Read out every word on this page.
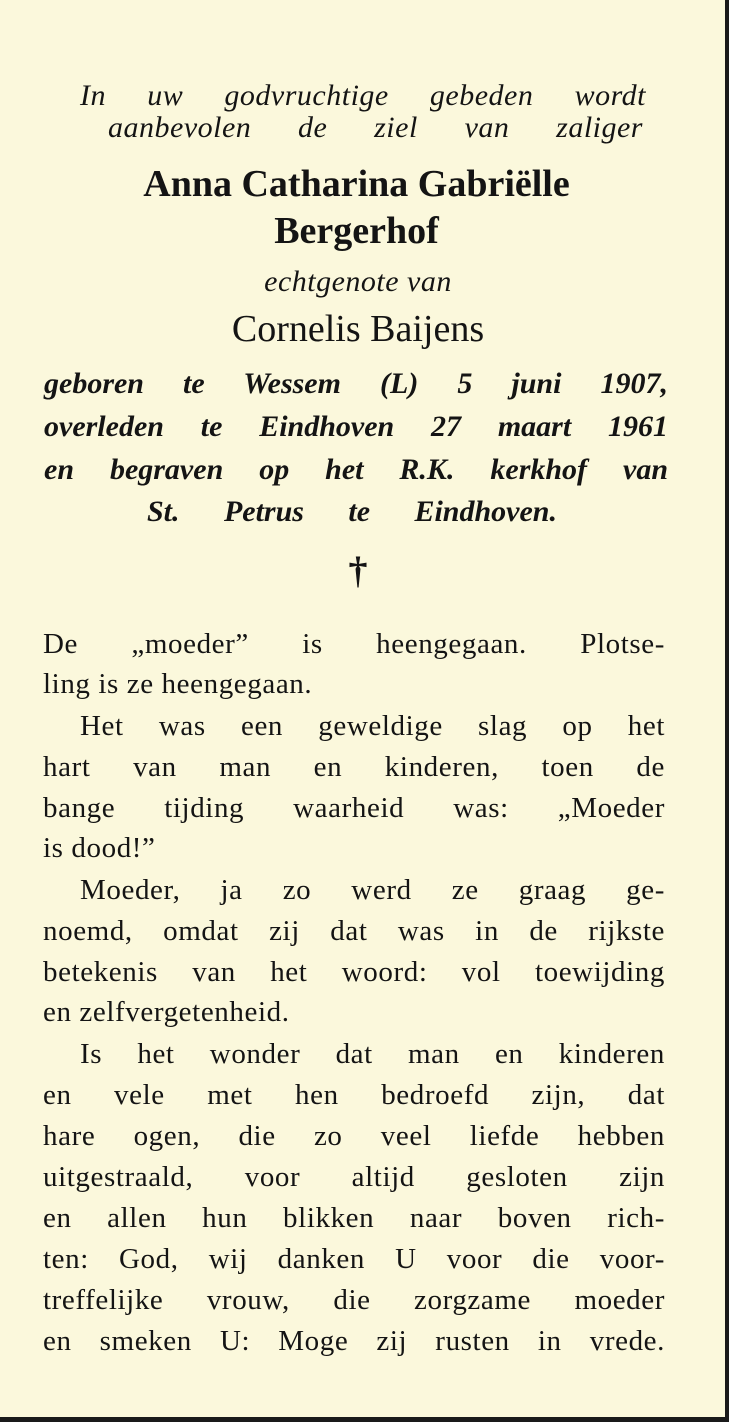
In uw godvruchtige gebeden wordt
aanbevolen de ziel van zaliger
Anna Catharina Gabriëlle
Bergerhof
echtgenote van
Cornelis Baijens
geboren te Wessem (L) 5 juni 1907,
overleden te Eindhoven 27 maart 1961
en begraven op het R.K. kerkhof van
St. Petrus te Eindhoven.
†
De „moeder” is heengegaan. Plotse-
ling is ze heengegaan.
Het was een geweldige slag op het
hart van man en kinderen, toen de
bange tijding waarheid was: „Moeder
is dood!”
Moeder, ja zo werd ze graag ge-
noemd, omdat zij dat was in de rijkste
betekenis van het woord: vol toewijding
en zelfvergetenheid.
Is het wonder dat man en kinderen
en vele met hen bedroefd zijn, dat
hare ogen, die zo veel liefde hebben
uitgestraald, voor altijd gesloten zijn
en allen hun blikken naar boven rich-
ten: God, wij danken U voor die voor-
treffelijke vrouw, die zorgzame moeder
en smeken U: Moge zij rusten in vrede.
